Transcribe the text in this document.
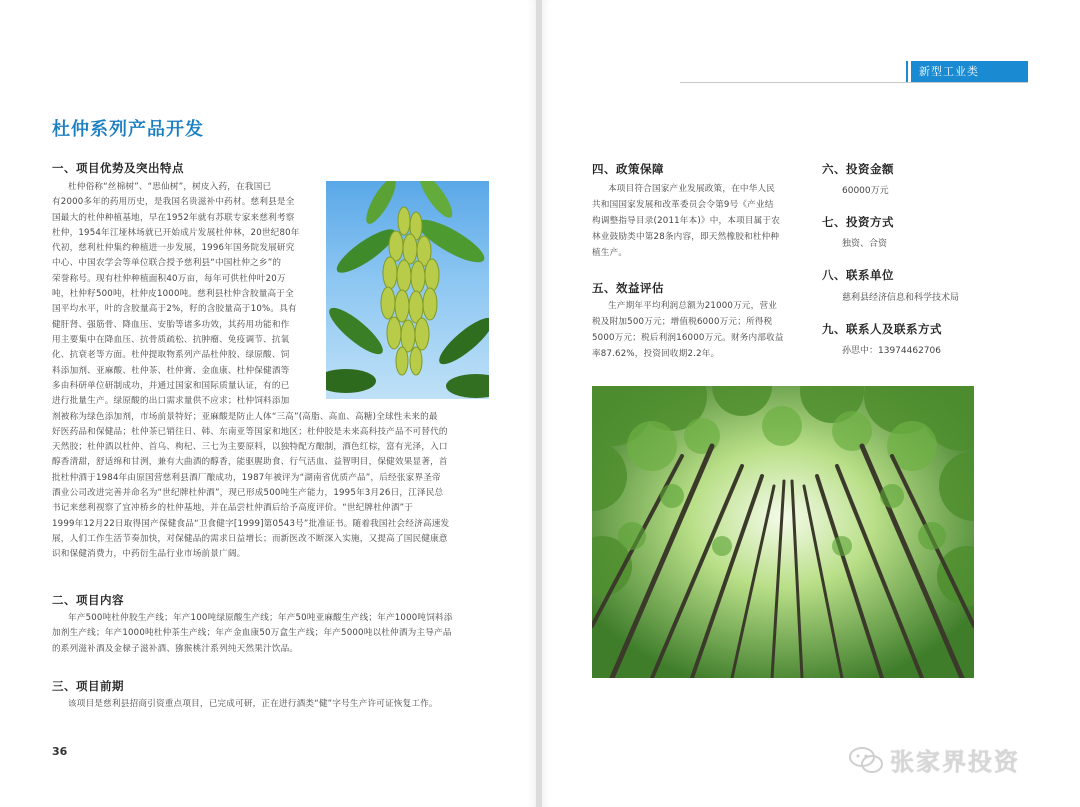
杜仲系列产品开发
一、项目优势及突出特点
杜仲俗称“丝棉树”、“思仙树”，树皮入药，在我国已
有2000多年的药用历史，是我国名贵滋补中药材。慈利县是全
国最大的杜仲种植基地，早在1952年就有苏联专家来慈利考察
杜仲，1954年江垭林场就已开始成片发展杜仲林，20世纪80年
代初，慈利杜仲集约种植进一步发展，1996年国务院发展研究
中心、中国农学会等单位联合授予慈利县“中国杜仲之乡”的
荣誉称号。现有杜仲种植面积40万亩，每年可供杜仲叶20万
吨，杜仲籽500吨，杜仲皮1000吨。慈利县杜仲含胶量高于全
国平均水平，叶的含胶量高于2%，籽的含胶量高于10%。具有
健肝肾、强筋骨、降血压、安胎等诸多功效，其药用功能和作
用主要集中在降血压、抗骨质疏松、抗肿瘤、免疫调节、抗氧
化、抗衰老等方面。杜仲提取物系列产品杜仲胶、绿原酸、饲
料添加剂、亚麻酸、杜仲茶、杜仲膏、金血康、杜仲保健酒等
多由科研单位研制成功，并通过国家和国际质量认证，有的已
进行批量生产。绿原酸的出口需求量供不应求；杜仲饲料添加
剂被称为绿色添加剂，市场前景特好；亚麻酸是防止人体“三高”(高脂、高血、高糖)全球性未来的最
好医药品和保健品；杜仲茶已销往日、韩、东南亚等国家和地区；杜仲胶是未来高科技产品不可替代的
天然胶；杜仲酒以杜仲、首乌、枸杞、三七为主要原料，以独特配方酿制，酒色红棕，富有光泽，入口
醇香清甜，舒适绵和甘洌，兼有大曲酒的醇香，能驱腥助食、行气活血、益智明目，保健效果显著，首
批杜仲酒于1984年由原国营慈利县酒厂酿成功，1987年被评为“湖南省优质产品”，后经张家界圣帝
酒业公司改进完善并命名为“世纪牌杜仲酒”，现已形成500吨生产能力，1995年3月26日，江泽民总
书记来慈利视察了宜冲桥乡的杜仲基地，并在品尝杜仲酒后给予高度评价。“世纪牌杜仲酒”于
1999年12月22日取得国产保健食品“卫食健字[1999]第0543号”批准证书。随着我国社会经济高速发
展，人们工作生活节奏加快，对保健品的需求日益增长；而新医改不断深入实施，又提高了国民健康意
识和保健消费力，中药衍生品行业市场前景广阔。
二、项目内容
年产500吨杜仲胶生产线；年产100吨绿原酸生产线；年产50吨亚麻酸生产线；年产1000吨饲料添
加剂生产线；年产1000吨杜仲茶生产线；年产金血康50万盒生产线；年产5000吨以杜仲酒为主导产品
的系列滋补酒及金椂子滋补酒、猕猴桃汁系列纯天然果汁饮品。
三、项目前期
该项目是慈利县招商引资重点项目，已完成可研，正在进行酒类“健”字号生产许可证恢复工作。
36
新型工业类
四、政策保障
本项目符合国家产业发展政策，在中华人民
共和国国家发展和改革委员会令第9号《产业结
构调整指导目录(2011年本)》中，本项目属于农
林业鼓励类中第28条内容，即天然橡胶和杜仲种
植生产。
五、效益评估
生产期年平均利润总额为21000万元，营业
税及附加500万元；增值税6000万元；所得税
5000万元；税后利润16000万元。财务内部收益
率87.62%，投资回收期2.2年。
六、投资金额
60000万元
七、投资方式
独资、合资
八、联系单位
慈利县经济信息和科学技术局
九、联系人及联系方式
孙思中：13974462706
张家界投资
